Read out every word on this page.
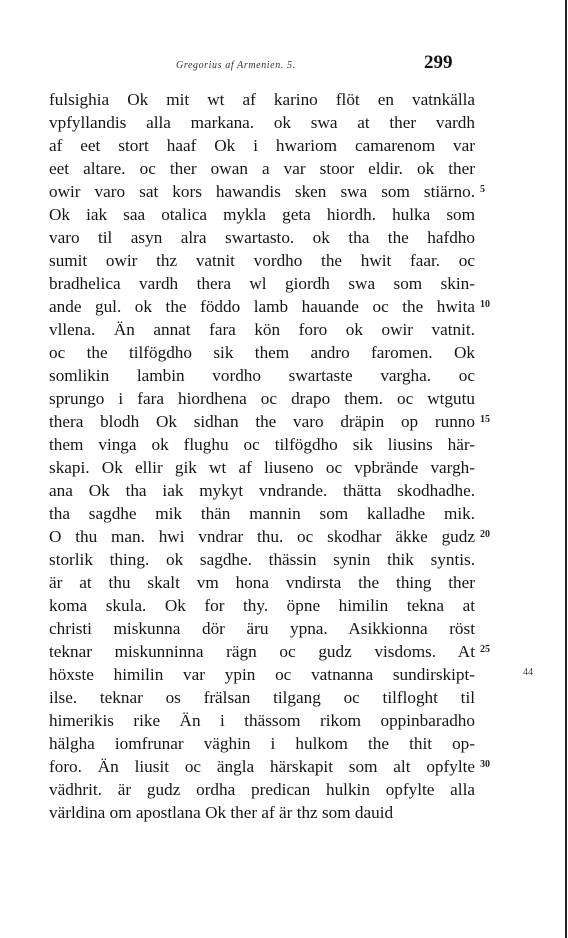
Gregorius af Armenien. 5.	299
fulsighia Ok mit wt af karino flöt en vatnkälla
vpfyllandis alla markana. ok swa at ther vardh
af eet stort haaf Ok i hwariom camarenom var
eet altare. oc ther owan a var stoor eldir. ok ther
owir varo sat kors hawandis sken swa som stiärno.
Ok iak saa otalica mykla geta hiordh. hulka som
varo til asyn alra swartasto. ok tha the hafdho
sumit owir thz vatnit vordho the hwit faar. oc
bradhelica vardh thera wl giordh swa som skin-
ande gul. ok the föddo lamb hauande oc the hwita
vllena. Än annat fara kön foro ok owir vatnit.
oc the tilfögdho sik them andro faromen. Ok
somlikin lambin vordho swartaste vargha. oc
sprungo i fara hiordhena oc drapo them. oc wtgutu
thera blodh Ok sidhan the varo dräpin op runno
them vinga ok flughu oc tilfögdho sik liusins här-
skapi. Ok ellir gik wt af liuseno oc vpbrände vargh-
ana Ok tha iak mykyt vndrande. thätta skodhadhe.
tha sagdhe mik thän mannin som kalladhe mik.
O thu man. hwi vndrar thu. oc skodhar äkke gudz
storlik thing. ok sagdhe. thässin synin thik syntis.
är at thu skalt vm hona vndirsta the thing ther
koma skula. Ok for thy. öpne himilin tekna at
christi miskunna dör äru ypna. Asikkionna röst
teknar miskunninna rägn oc gudz visdoms. At
höxste himilin var ypin oc vatnanna sundirskipt-
ilse. teknar os frälsan tilgang oc tilfloght til
himerikis rike Än i thässom rikom oppinbaradho
hälgha iomfrunar väghin i hulkom the thit op-
foro. Än liusit oc ängla härskapit som alt opfylte
vädhrit. är gudz ordha predican hulkin opfylte alla
världina om apostlana Ok ther af är thz som dauid
5
10
15
20
25
30
44
